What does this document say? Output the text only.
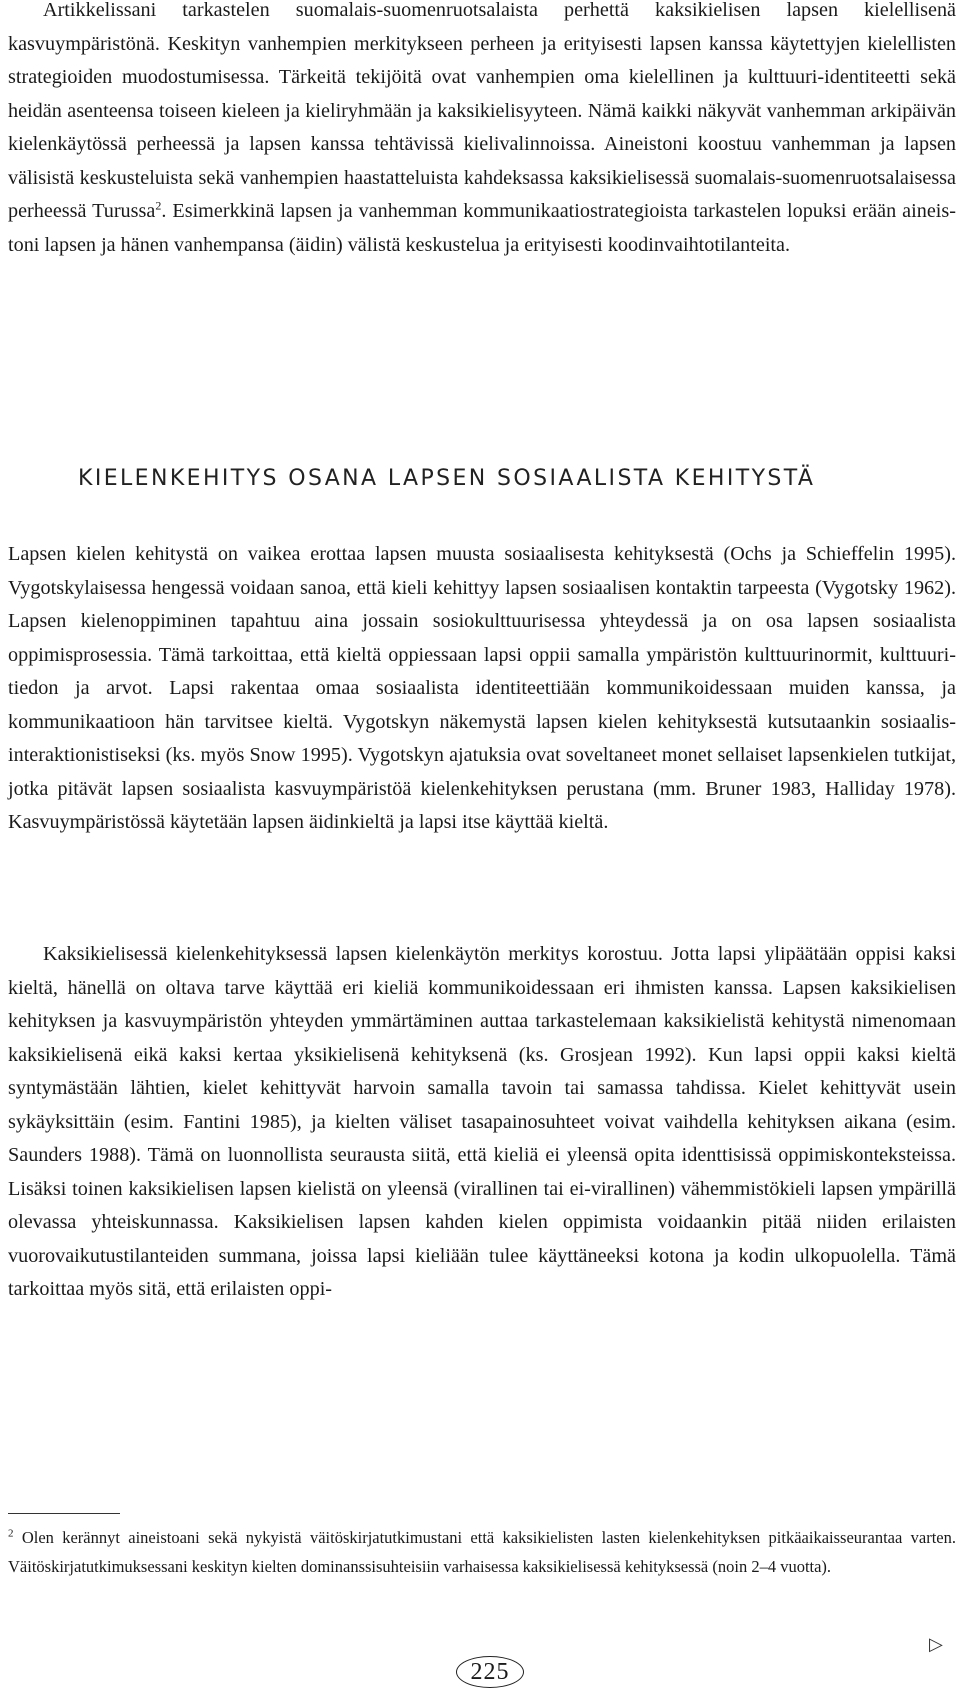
Artikkelissani tarkastelen suomalais-suomenruotsalaista perhettä kaksikielisen lapsen kielellisenä kasvuympäristönä. Keskityn vanhempien merkitykseen perheen ja erityisesti lapsen kanssa käytettyjen kielellisten strategioiden muodostumisessa. Tärkeitä tekijöitä ovat vanhempien oma kielellinen ja kulttuuri-identiteetti sekä heidän asenteensa toiseen kieleen ja kieliryhmään ja kaksikielisyyteen. Nämä kaikki näkyvät vanhemman arkipäivän kielenkäytössä perheessä ja lapsen kanssa tehtävissä kielivalinnoissa. Aineistoni koostuu vanhemman ja lapsen välisistä keskusteluista sekä vanhempien haastatteluista kahdeksassa kaksikielisessä suomalais-suomenruotsalaisessa perheessä Turussa$^2$. Esimerkkinä lapsen ja vanhemman kommunikaatiostrategioista tarkastelen lopuksi erään aineistoni lapsen ja hänen vanhempansa (äidin) välistä keskustelua ja erityisesti koodinvaihtotilanteita.

KIELENKEHITYS OSANA LAPSEN SOSIAALISTA KEHITYSTÄ

Lapsen kielen kehitystä on vaikea erottaa lapsen muusta sosiaalisesta kehityksestä (Ochs ja Schieffelin 1995). Vygotskylaisessa hengessä voidaan sanoa, että kieli kehittyy lapsen sosiaalisen kontaktin tarpeesta (Vygotsky 1962). Lapsen kielenoppiminen tapahtuu aina jossain sosiokulttuurisessa yhteydessä ja on osa lapsen sosiaalista oppimisprosessia. Tämä tarkoittaa, että kieltä oppiessaan lapsi oppii samalla ympäristön kulttuurinormit, kulttuuritiedon ja arvot. Lapsi rakentaa omaa sosiaalista identiteettiään kommunikoidessaan muiden kanssa, ja kommunikaatioon hän tarvitsee kieltä. Vygotskyn näkemystä lapsen kielen kehityksestä kutsutaankin sosiaalis-interaktionistiseksi (ks. myös Snow 1995). Vygotskyn ajatuksia ovat soveltaneet monet sellaiset lapsenkielen tutkijat, jotka pitävät lapsen sosiaalista kasvuympäristöä kielenkehityksen perustana (mm. Bruner 1983, Halliday 1978). Kasvuympäristössä käytetään lapsen äidinkieltä ja lapsi itse käyttää kieltä.

Kaksikielisessä kielenkehityksessä lapsen kielenkäytön merkitys korostuu. Jotta lapsi ylipäätään oppisi kaksi kieltä, hänellä on oltava tarve käyttää eri kieliä kommunikoidessaan eri ihmisten kanssa. Lapsen kaksikielisen kehityksen ja kasvuympäristön yhteyden ymmärtäminen auttaa tarkastelemaan kaksikielistä kehitystä nimenomaan kaksikielisenä eikä kaksi kertaa yksikielisenä kehityksenä (ks. Grosjean 1992). Kun lapsi oppii kaksi kieltä syntymästään lähtien, kielet kehittyvät harvoin samalla tavoin tai samassa tahdissa. Kielet kehittyvät usein sykäyksittäin (esim. Fantini 1985), ja kielten väliset tasapainosuhteet voivat vaihdella kehityksen aikana (esim. Saunders 1988). Tämä on luonnollista seurausta siitä, että kieliä ei yleensä opita identtisissä oppimiskonteksteissa. Lisäksi toinen kaksikielisen lapsen kielistä on yleensä (virallinen tai ei-virallinen) vähemmistökieli lapsen ympärillä olevassa yhteiskunnassa. Kaksikielisen lapsen kahden kielen oppimista voidaankin pitää niiden erilaisten vuorovaikutustilanteiden summana, joissa lapsi kieliään tulee käyttäneeksi kotona ja kodin ulkopuolella. Tämä tarkoittaa myös sitä, että erilaisten oppi-

$^2$ Olen kerännyt aineistoani sekä nykyistä väitöskirjatutkimustani että kaksikielisten lasten kielenkehityksen pitkäaikaisseurantaa varten. Väitöskirjatutkimuksessani keskityn kielten dominanssisuhteisiin varhaisessa kaksikielisessä kehityksessä (noin 2–4 vuotta).

▷
225
